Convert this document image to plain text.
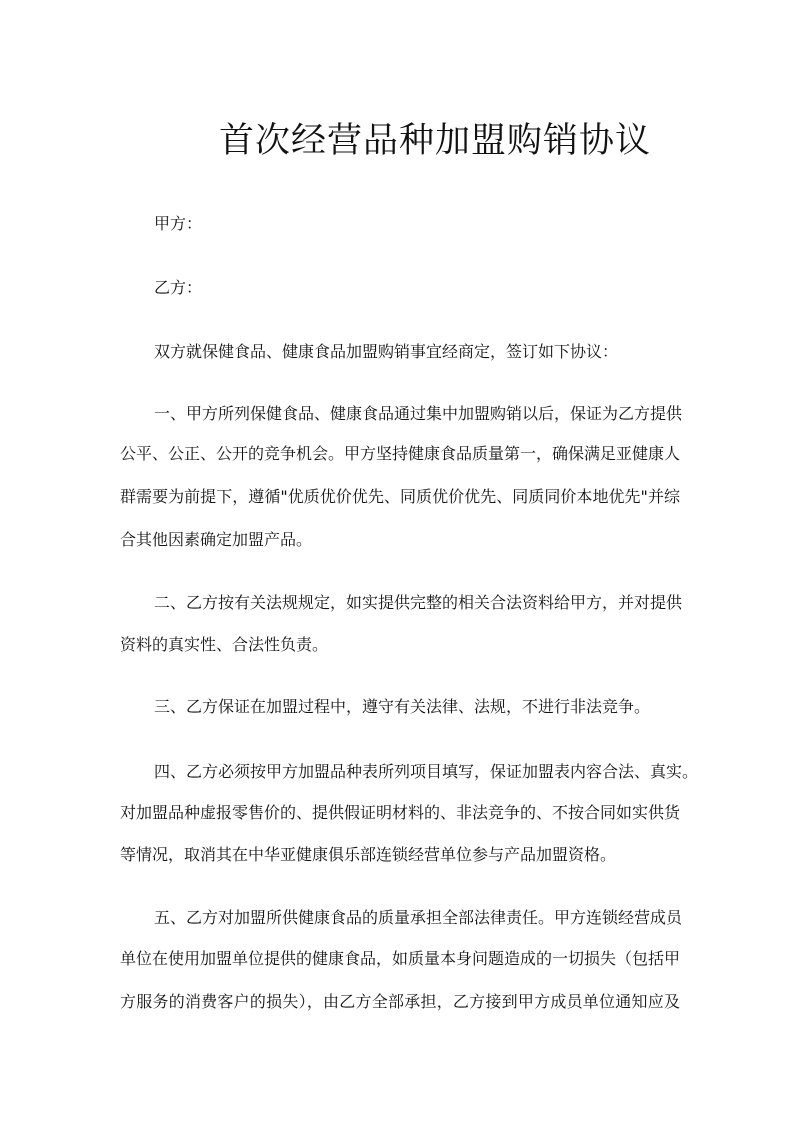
首次经营品种加盟购销协议

甲方：

乙方：

双方就保健食品、健康食品加盟购销事宜经商定，签订如下协议：

一、甲方所列保健食品、健康食品通过集中加盟购销以后，保证为乙方提供

公平、公正、公开的竞争机会。甲方坚持健康食品质量第一，确保满足亚健康人

群需要为前提下，遵循"优质优价优先、同质优价优先、同质同价本地优先"并综

合其他因素确定加盟产品。

二、乙方按有关法规规定，如实提供完整的相关合法资料给甲方，并对提供

资料的真实性、合法性负责。

三、乙方保证在加盟过程中，遵守有关法律、法规，不进行非法竞争。

四、乙方必须按甲方加盟品种表所列项目填写，保证加盟表内容合法、真实。

对加盟品种虚报零售价的、提供假证明材料的、非法竞争的、不按合同如实供货

等情况，取消其在中华亚健康俱乐部连锁经营单位参与产品加盟资格。

五、乙方对加盟所供健康食品的质量承担全部法律责任。甲方连锁经营成员

单位在使用加盟单位提供的健康食品，如质量本身问题造成的一切损失（包括甲

方服务的消费客户的损失），由乙方全部承担，乙方接到甲方成员单位通知应及
